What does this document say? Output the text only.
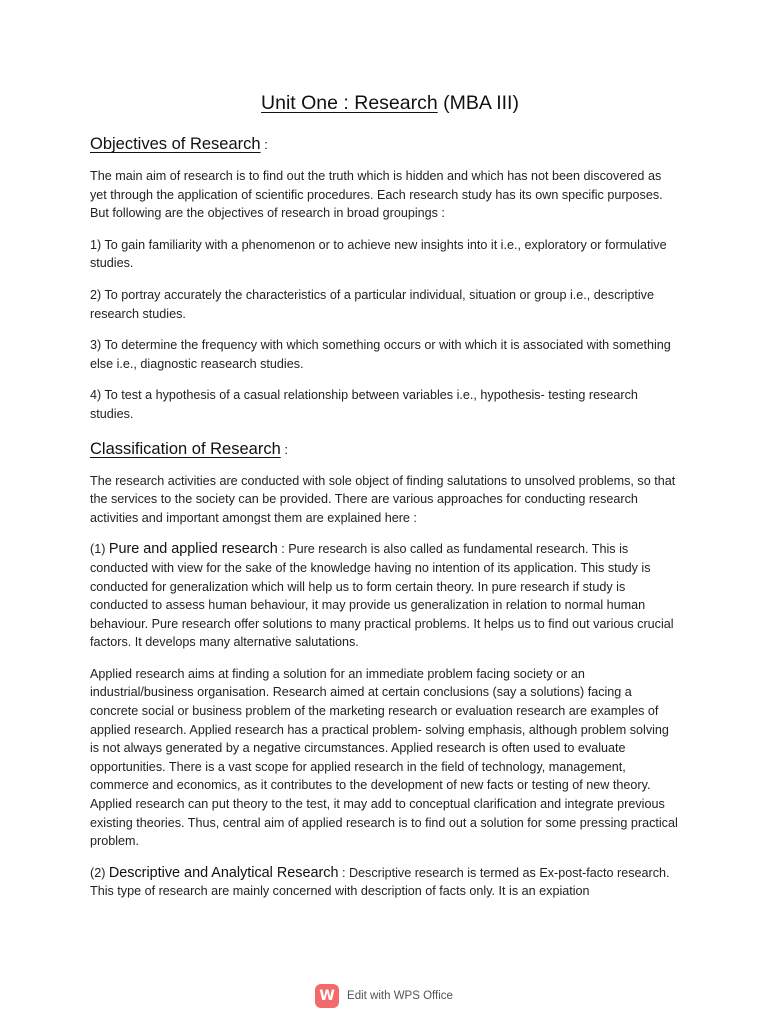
Unit One : Research (MBA III)
Objectives of Research :

The main aim of research is to find out the truth which is hidden and which has not been discovered as yet through the application of scientific procedures. Each research study has its own specific purposes. But following are the objectives of research in broad groupings :

1) To gain familiarity with a phenomenon or to achieve new insights into it i.e., exploratory or formulative studies.

2) To portray accurately the characteristics of a particular individual, situation or group i.e., descriptive research studies.

3) To determine the frequency with which something occurs or with which it is associated with something else i.e., diagnostic reasearch studies.

4) To test a hypothesis of a casual relationship between variables i.e., hypothesis- testing research studies.

Classification of Research :

The research activities are conducted with sole object of finding salutations to unsolved problems, so that the services to the society can be provided. There are various approaches for conducting research activities and important amongst them are explained here :

(1) Pure and applied research : Pure research is also called as fundamental research. This is conducted with view for the sake of the knowledge having no intention of its application. This study is conducted for generalization which will help us to form certain theory. In pure research if study is conducted to assess human behaviour, it may provide us generalization in relation to normal human behaviour. Pure research offer solutions to many practical problems. It helps us to find out various crucial factors. It develops many alternative salutations.

Applied research aims at finding a solution for an immediate problem facing society or an industrial/business organisation. Research aimed at certain conclusions (say a solutions) facing a concrete social or business problem of the marketing research or evaluation research are examples of applied research. Applied research has a practical problem- solving emphasis, although problem solving is not always generated by a negative circumstances. Applied research is often used to evaluate opportunities. There is a vast scope for applied research in the field of technology, management, commerce and economics, as it contributes to the development of new facts or testing of new theory. Applied research can put theory to the test, it may add to conceptual clarification and integrate previous existing theories. Thus, central aim of applied research is to find out a solution for some pressing practical problem.

(2) Descriptive and Analytical Research : Descriptive research is termed as Ex-post-facto research. This type of research are mainly concerned with description of facts only. It is an expiation

W	Edit with WPS Office
